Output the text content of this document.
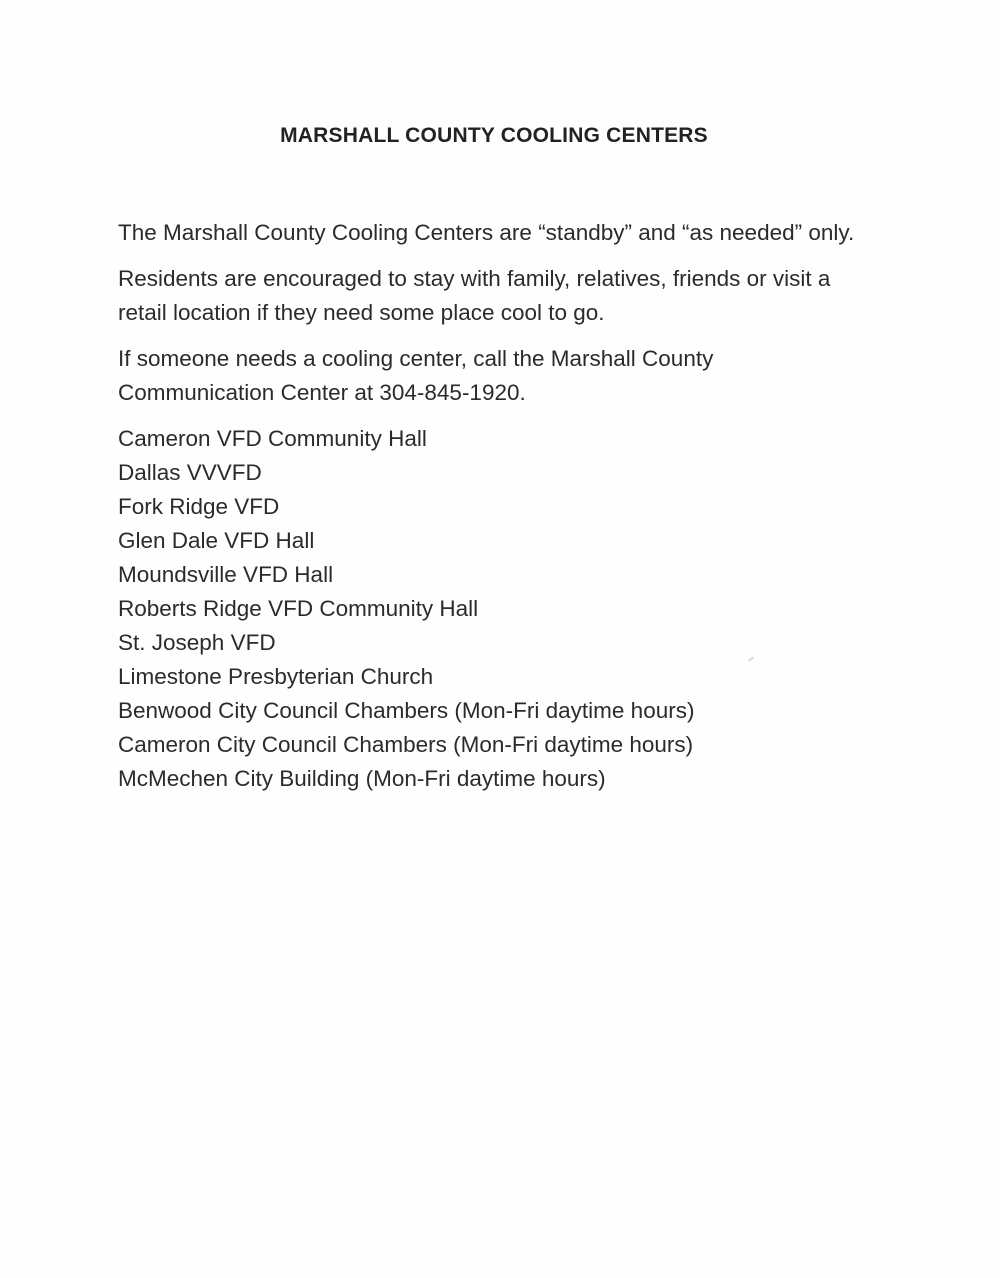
MARSHALL COUNTY COOLING CENTERS

The Marshall County Cooling Centers are “standby” and “as needed” only.

Residents are encouraged to stay with family, relatives, friends or visit a retail location if they need some place cool to go.

If someone needs a cooling center, call the Marshall County Communication Center at 304-845-1920.

Cameron VFD Community Hall
Dallas VVVFD
Fork Ridge VFD
Glen Dale VFD Hall
Moundsville VFD Hall
Roberts Ridge VFD Community Hall
St. Joseph VFD
Limestone Presbyterian Church
Benwood City Council Chambers (Mon-Fri daytime hours)
Cameron City Council Chambers (Mon-Fri daytime hours)
McMechen City Building (Mon-Fri daytime hours)
